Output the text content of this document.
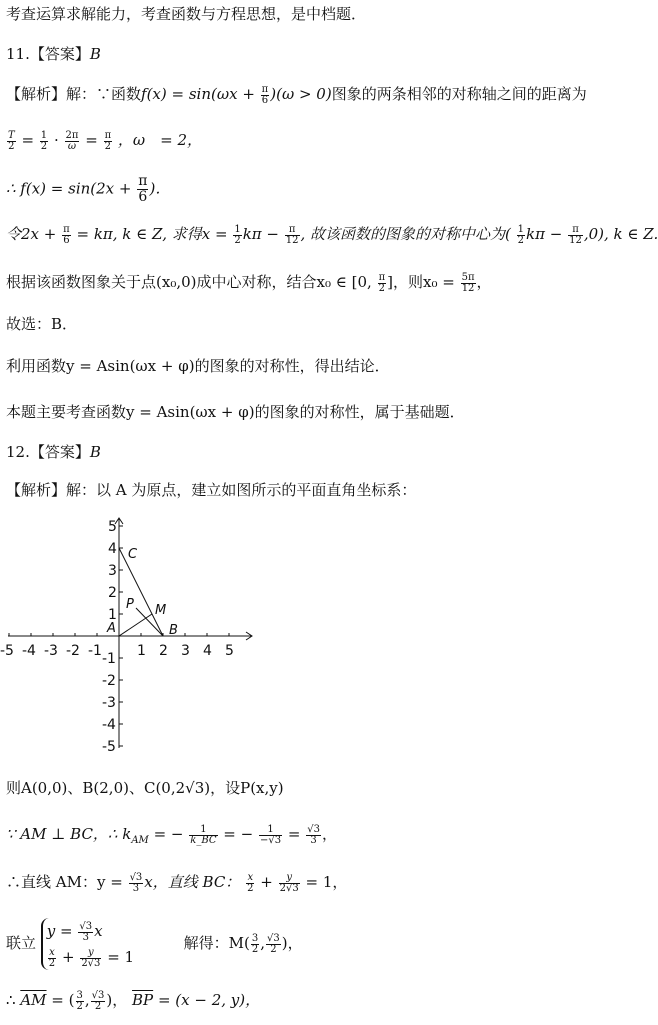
考查运算求解能力，考查函数与方程思想，是中档题．
11.【答案】B
【解析】解：∵函数$f(x) = \sin(\omega x + \frac{\pi}{6} )(\omega > 0)$图象的两条相邻的对称轴之间的距离为
$\frac{T}{2} = \frac{1}{2} \cdot \frac{2\pi}{\omega} = \frac{\pi}{2}$ ，ω　= 2，
∴ $f(x) = \sin(2x + \frac{\pi}{6}$ )．
令$2x + \frac{\pi}{6} = k\pi$, k ∈ Z, 求得$x = \frac{1}{2}$ $k\pi - \frac{\pi}{12}$ , 故该函数的图象的对称中心为( $\frac{1}{2}$ $k\pi - \frac{\pi}{12} ,0$), k ∈ Z.
根据该函数图象关于点(x₀,0)成中心对称，结合x₀ ∈ [0, $\frac{\pi}{2}$ ]，则$x_0 = \frac{5\pi}{12}$ ，
故选：B．
利用函数y = Asin(ωx + φ)的图象的对称性，得出结论．
本题主要考查函数y = Asin(ωx + φ)的图象的对称性，属于基础题．
12.【答案】B
【解析】解：以 A 为原点，建立如图所示的平面直角坐标系：
-5 -4 -3 -2 -1	1 2 3 4 5
5
4
3
2
1
-1
-2
-3
-4
-5
A	B
C
P M
则A(0,0)、B(2,0)、C(0,2√3)，设P(x,y)
∵ AM ⊥ BC，∴ $k_{AM}$ = − $\frac{1}{k\_BC}$ = − $\frac{1}{-√3} = \frac{√3}{3}$ ，
∴直线 AM：$y = \frac{√3}{3}$ x，直线 BC： $\frac{x}{2} + \frac{y}{2√3} = 1$，
联立
$y = \frac{√3}{3}$ x
$\frac{x}{2} + \frac{y}{2√3} = 1$
解得：$M( \frac{3}{2}$ , $\frac{√3}{2}$ )，
∴ $\overline{AM}$ = ( $\frac{3}{2}$ , $\frac{√3}{2}$ )， $\overline{BP} = (x - 2$, y)，
